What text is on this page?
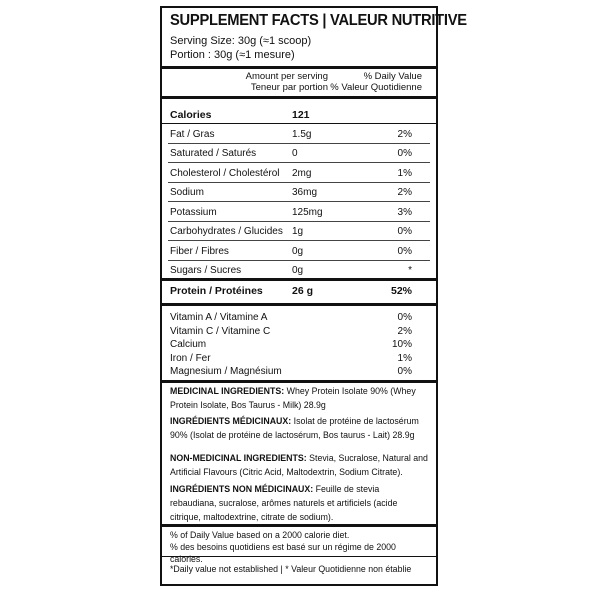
SUPPLEMENT FACTS | VALEUR NUTRITIVE
Serving Size: 30g (≈1 scoop)
Portion : 30g (≈1 mesure)
Amount per serving
Teneur par portion
% Daily Value
% Valeur Quotidienne
Calories	121
Fat / Gras	1.5g	2%
Saturated / Saturés	0	0%
Cholesterol / Cholestérol 2mg	1%
Sodium	36mg	2%
Potassium	125mg	3%
Carbohydrates / Glucides 1g	0%
Fiber / Fibres	0g	0%
Sugars / Sucres	0g	*
Protein / Protéines	26 g	52%
Vitamin A / Vitamine A	0%
Vitamin C / Vitamine C	2%
Calcium	10%
Iron / Fer	1%
Magnesium / Magnésium	0%
MEDICINAL INGREDIENTS: Whey Protein Isolate 90% (Whey Protein Isolate, Bos Taurus - Milk) 28.9g
INGRÉDIENTS MÉDICINAUX: Isolat de protéine de lactosérum 90% (Isolat de protéine de lactosérum, Bos taurus - Lait) 28.9g
NON-MEDICINAL INGREDIENTS: Stevia, Sucralose, Natural and Artificial Flavours (Citric Acid, Maltodextrin, Sodium Citrate).
INGRÉDIENTS NON MÉDICINAUX: Feuille de stevia rebaudiana, sucralose, arômes naturels et artificiels (acide citrique, maltodextrine, citrate de sodium).
% of Daily Value based on a 2000 calorie diet.
% des besoins quotidiens est basé sur un régime de 2000 calories.
*Daily value not established | * Valeur Quotidienne non établie
